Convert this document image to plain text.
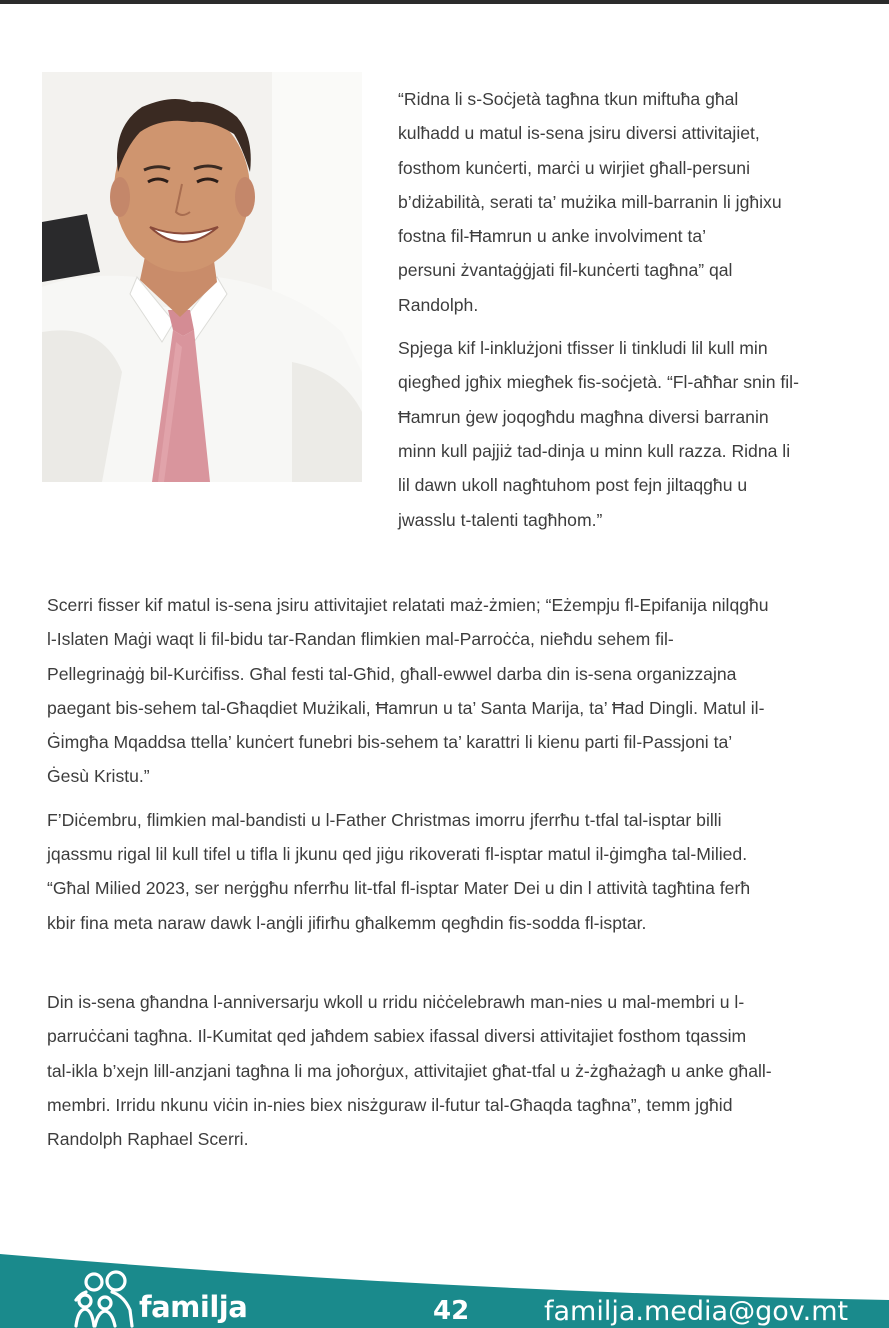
“Ridna li s-Soċjetà tagħna tkun miftuħa għal
kulħadd u matul is-sena jsiru diversi attivitajiet,
fosthom kunċerti, marċi u wirjiet għall-persuni
b’diżabilità, serati ta’ mużika mill-barranin li jgħixu
fostna fil-Ħamrun u anke involviment ta’
persuni żvantaġġjati fil-kunċerti tagħna” qal
Randolph.

Spjega kif l-inklużjoni tfisser li tinkludi lil kull min
qiegħed jgħix miegħek fis-soċjetà. “Fl-aħħar snin fil-
Ħamrun ġew joqogħdu magħna diversi barranin
minn kull pajjiż tad-dinja u minn kull razza. Ridna li
lil dawn ukoll nagħtuhom post fejn jiltaqgħu u
jwasslu t-talenti tagħhom.”

Scerri fisser kif matul is-sena jsiru attivitajiet relatati maż-żmien; “Eżempju fl-Epifanija nilqgħu
l-Islaten Maġi waqt li fil-bidu tar-Randan flimkien mal-Parroċċa, nieħdu sehem fil-
Pellegrinaġġ bil-Kurċifiss. Għal festi tal-Għid, għall-ewwel darba din is-sena organizzajna
paegant bis-sehem tal-Għaqdiet Mużikali, Ħamrun u ta’ Santa Marija, ta’ Ħad Dingli. Matul il-
Ġimgħa Mqaddsa ttella’ kunċert funebri bis-sehem ta’ karattri li kienu parti fil-Passjoni ta’
Ġesù Kristu.”

F’Diċembru, flimkien mal-bandisti u l-Father Christmas imorru jferrħu t-tfal tal-isptar billi
jqassmu rigal lil kull tifel u tifla li jkunu qed jiġu rikoverati fl-isptar matul il-ġimgħa tal-Milied.
“Għal Milied 2023, ser nerġgħu nferrħu lit-tfal fl-isptar Mater Dei u din l attività tagħtina ferħ
kbir fina meta naraw dawk l-anġli jifirħu għalkemm qegħdin fis-sodda fl-isptar.

Din is-sena għandna l-anniversarju wkoll u rridu niċċelebrawh man-nies u mal-membri u l-
parruċċani tagħna. Il-Kumitat qed jaħdem sabiex ifassal diversi attivitajiet fosthom tqassim
tal-ikla b’xejn lill-anzjani tagħna li ma joħorġux, attivitajiet għat-tfal u ż-żgħażagħ u anke għall-
membri. Irridu nkunu viċin in-nies biex nisżguraw il-futur tal-Għaqda tagħna”, temm jgħid
Randolph Raphael Scerri.

familja	42	familja.media@gov.mt
